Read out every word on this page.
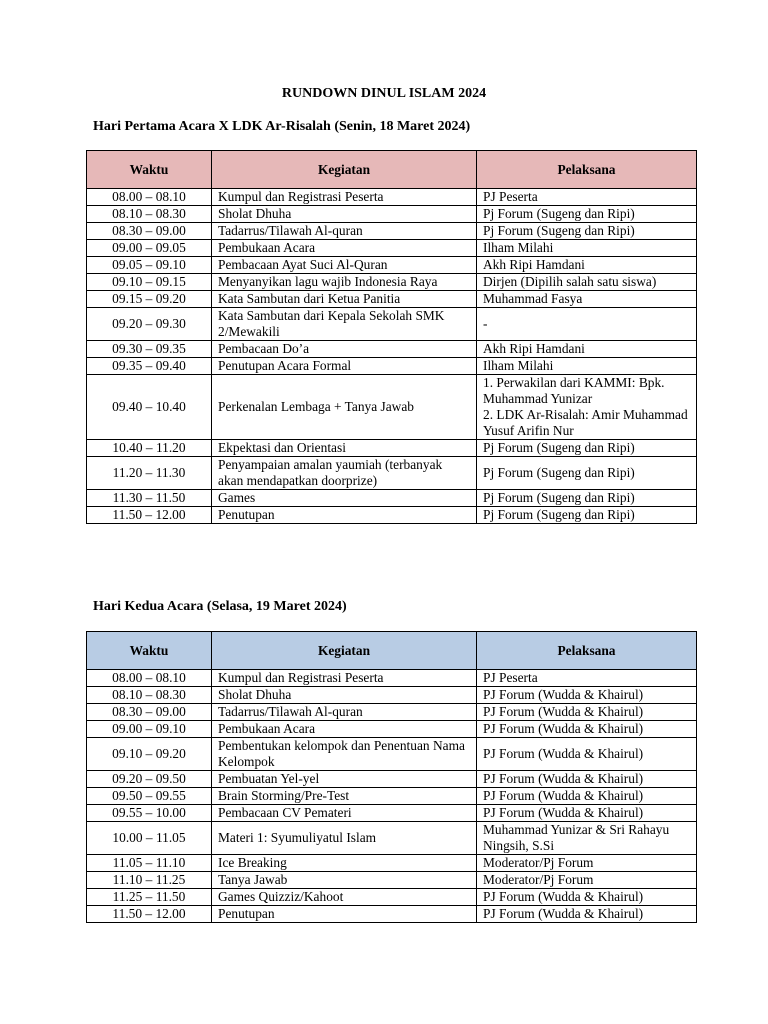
RUNDOWN DINUL ISLAM 2024
Hari Pertama Acara X LDK Ar-Risalah (Senin, 18 Maret 2024)
Waktu	Kegiatan	Pelaksana
08.00 – 08.10	Kumpul dan Registrasi Peserta	PJ Peserta
08.10 – 08.30	Sholat Dhuha	Pj Forum (Sugeng dan Ripi)
08.30 – 09.00	Tadarrus/Tilawah Al-quran	Pj Forum (Sugeng dan Ripi)
09.00 – 09.05	Pembukaan Acara	Ilham Milahi
09.05 – 09.10	Pembacaan Ayat Suci Al-Quran	Akh Ripi Hamdani
09.10 – 09.15	Menyanyikan lagu wajib Indonesia Raya	Dirjen (Dipilih salah satu siswa)
09.15 – 09.20	Kata Sambutan dari Ketua Panitia	Muhammad Fasya
09.20 – 09.30	Kata Sambutan dari Kepala Sekolah SMK 2/Mewakili	-
09.30 – 09.35	Pembacaan Do’a	Akh Ripi Hamdani
09.35 – 09.40	Penutupan Acara Formal	Ilham Milahi
09.40 – 10.40	Perkenalan Lembaga + Tanya Jawab	1. Perwakilan dari KAMMI: Bpk. Muhammad Yunizar
2. LDK Ar-Risalah: Amir Muhammad Yusuf Arifin Nur
10.40 – 11.20	Ekpektasi dan Orientasi	Pj Forum (Sugeng dan Ripi)
11.20 – 11.30	Penyampaian amalan yaumiah (terbanyak akan mendapatkan doorprize)	Pj Forum (Sugeng dan Ripi)
11.30 – 11.50	Games	Pj Forum (Sugeng dan Ripi)
11.50 – 12.00	Penutupan	Pj Forum (Sugeng dan Ripi)
Hari Kedua Acara (Selasa, 19 Maret 2024)
Waktu	Kegiatan	Pelaksana
08.00 – 08.10	Kumpul dan Registrasi Peserta	PJ Peserta
08.10 – 08.30	Sholat Dhuha	PJ Forum (Wudda & Khairul)
08.30 – 09.00	Tadarrus/Tilawah Al-quran	PJ Forum (Wudda & Khairul)
09.00 – 09.10	Pembukaan Acara	PJ Forum (Wudda & Khairul)
09.10 – 09.20	Pembentukan kelompok dan Penentuan Nama Kelompok	PJ Forum (Wudda & Khairul)
09.20 – 09.50	Pembuatan Yel-yel	PJ Forum (Wudda & Khairul)
09.50 – 09.55	Brain Storming/Pre-Test	PJ Forum (Wudda & Khairul)
09.55 – 10.00	Pembacaan CV Pemateri	PJ Forum (Wudda & Khairul)
10.00 – 11.05	Materi 1: Syumuliyatul Islam	Muhammad Yunizar & Sri Rahayu Ningsih, S.Si
11.05 – 11.10	Ice Breaking	Moderator/Pj Forum
11.10 – 11.25	Tanya Jawab	Moderator/Pj Forum
11.25 – 11.50	Games Quizziz/Kahoot	PJ Forum (Wudda & Khairul)
11.50 – 12.00	Penutupan	PJ Forum (Wudda & Khairul)
